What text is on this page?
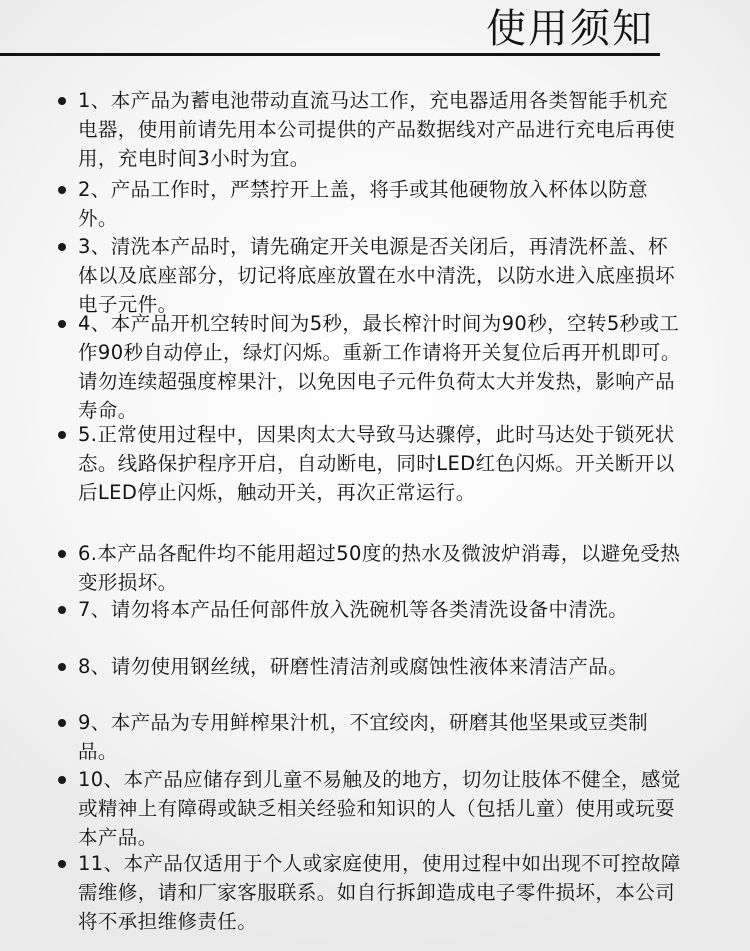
使用须知
1、本产品为蓄电池带动直流马达工作，充电器适用各类智能手机充电器，使用前请先用本公司提供的产品数据线对产品进行充电后再使用，充电时间3小时为宜。
2、产品工作时，严禁拧开上盖，将手或其他硬物放入杯体以防意外。
3、清洗本产品时，请先确定开关电源是否关闭后，再清洗杯盖、杯体以及底座部分，切记将底座放置在水中清洗，以防水进入底座损坏电子元件。
4、本产品开机空转时间为5秒，最长榨汁时间为90秒，空转5秒或工作90秒自动停止，绿灯闪烁。重新工作请将开关复位后再开机即可。请勿连续超强度榨果汁，以免因电子元件负荷太大并发热，影响产品寿命。
5.正常使用过程中，因果肉太大导致马达骤停，此时马达处于锁死状态。线路保护程序开启，自动断电，同时LED红色闪烁。开关断开以后LED停止闪烁，触动开关，再次正常运行。
6.本产品各配件均不能用超过50度的热水及微波炉消毒，以避免受热变形损坏。
7、请勿将本产品任何部件放入洗碗机等各类清洗设备中清洗。
8、请勿使用钢丝绒，研磨性清洁剂或腐蚀性液体来清洁产品。
9、本产品为专用鲜榨果汁机，不宜绞肉，研磨其他坚果或豆类制品。
10、本产品应储存到儿童不易触及的地方，切勿让肢体不健全，感觉或精神上有障碍或缺乏相关经验和知识的人（包括儿童）使用或玩耍本产品。
11、本产品仅适用于个人或家庭使用，使用过程中如出现不可控故障需维修，请和厂家客服联系。如自行拆卸造成电子零件损坏，本公司将不承担维修责任。
